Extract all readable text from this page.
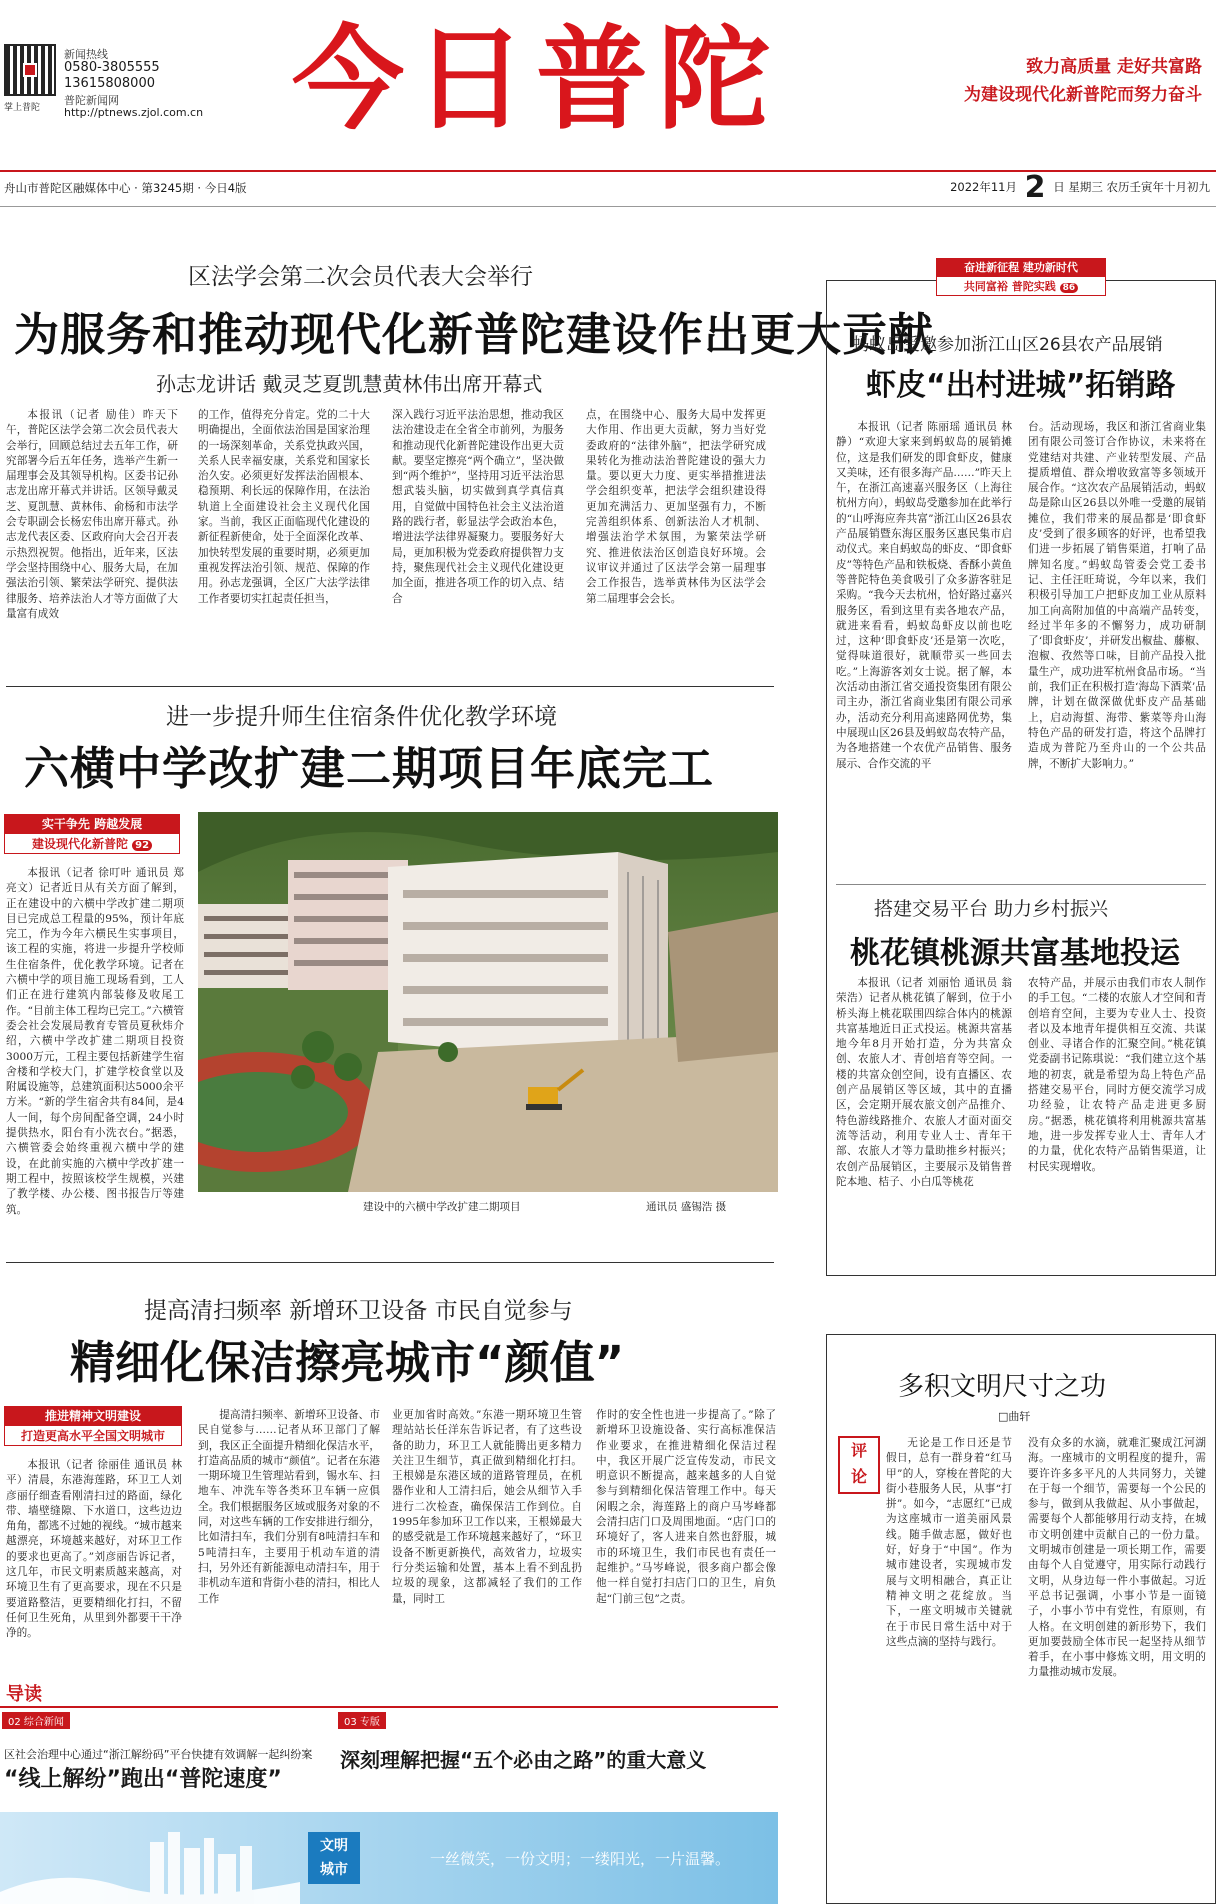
掌上普陀
新闻热线
0580-3805555
13615808000
普陀新闻网
http://ptnews.zjol.com.cn 今日普陀	致力高质量 走好共富路
为建设现代化新普陀而努力奋斗
舟山市普陀区融媒体中心 · 第3245期 · 今日4版	2022年11月 2 日 星期三 农历壬寅年十月初九
区法学会第二次会员代表大会举行
为服务和推动现代化新普陀建设作出更大贡献
孙志龙讲话 戴灵芝夏凯慧黄林伟出席开幕式

本报讯（记者 励佳）昨天下午，普陀区法学会第二次会员代表大会举行，回顾总结过去五年工作，研究部署今后五年任务，选举产生新一届理事会及其领导机构。区委书记孙志龙出席开幕式并讲话。区领导戴灵芝、夏凯慧、黄林伟、俞杨和市法学会专职副会长杨宏伟出席开幕式。孙志龙代表区委、区政府向大会召开表示热烈祝贺。他指出，近年来，区法学会坚持围绕中心、服务大局，在加强法治引领、繁荣法学研究、提供法律服务、培养法治人才等方面做了大量富有成效

的工作，值得充分肯定。党的二十大明确提出，全面依法治国是国家治理的一场深刻革命，关系党执政兴国，关系人民幸福安康，关系党和国家长治久安。必须更好发挥法治固根本、稳预期、利长远的保障作用，在法治轨道上全面建设社会主义现代化国家。当前，我区正面临现代化建设的新征程新使命，处于全面深化改革、加快转型发展的重要时期，必须更加重视发挥法治引领、规范、保障的作用。孙志龙强调，全区广大法学法律工作者要切实扛起责任担当，

深入践行习近平法治思想，推动我区法治建设走在全省全市前列，为服务和推动现代化新普陀建设作出更大贡献。要坚定擦亮“两个确立”，坚决做到“两个维护”，坚持用习近平法治思想武装头脑，切实做到真学真信真用，自觉做中国特色社会主义法治道路的践行者，彰显法学会政治本色，增进法学法律界凝聚力。要服务好大局，更加积极为党委政府提供智力支持，聚焦现代社会主义现代化建设更加全面，推进各项工作的切入点、结合

点，在围绕中心、服务大局中发挥更大作用、作出更大贡献，努力当好党委政府的“法律外脑”，把法学研究成果转化为推动法治普陀建设的强大力量。要以更大力度、更实举措推进法学会组织变革，把法学会组织建设得更加充满活力、更加坚强有力，不断完善组织体系、创新法治人才机制、增强法治学术氛围，为繁荣法学研究、推进依法治区创造良好环境。会议审议并通过了区法学会第一届理事会工作报告，选举黄林伟为区法学会第二届理事会会长。

进一步提升师生住宿条件优化教学环境
六横中学改扩建二期项目年底完工
实干争先 跨越发展
建设现代化新普陀 92

本报讯（记者 徐叮叶 通讯员 郑亮文）记者近日从有关方面了解到，正在建设中的六横中学改扩建二期项目已完成总工程量的95%，预计年底完工，作为今年六横民生实事项目，该工程的实施，将进一步提升学校师生住宿条件，优化教学环境。记者在六横中学的项目施工现场看到，工人们正在进行建筑内部装修及收尾工作。“目前主体工程均已完工。”六横管委会社会发展局教育专管员夏秋炜介绍，六横中学改扩建二期项目投资3000万元，工程主要包括新建学生宿舍楼和学校大门，扩建学校食堂以及附属设施等，总建筑面积达5000余平方米。“新的学生宿舍共有84间，是4人一间，每个房间配备空调，24小时提供热水，阳台有小洗衣台。”据悉，六横管委会始终重视六横中学的建设，在此前实施的六横中学改扩建一期工程中，按照该校学生规模，兴建了教学楼、办公楼、图书报告厅等建筑。	建设中的六横中学改扩建二期项目	通讯员 盛锡浩 摄
提高清扫频率 新增环卫设备 市民自觉参与
精细化保洁擦亮城市“颜值”
推进精神文明建设
打造更高水平全国文明城市

本报讯（记者 徐丽佳 通讯员 林平）清晨，东港海莲路，环卫工人刘彦丽仔细查看刚清扫过的路面，绿化带、墙壁缝隙、下水道口，这些边边角角，都逃不过她的视线。“城市越来越漂亮，环境越来越好，对环卫工作的要求也更高了。”刘彦丽告诉记者，这几年，市民文明素质越来越高，对环境卫生有了更高要求，现在不只是要道路整洁，更要精细化打扫，不留任何卫生死角，从里到外都要干干净净的。

提高清扫频率、新增环卫设备、市民自觉参与……记者从环卫部门了解到，我区正全面提升精细化保洁水平，打造高品质的城市“颜值”。记者在东港一期环境卫生管理站看到，锡水车、扫地车、冲洗车等各类环卫车辆一应俱全。我们根据服务区域或服务对象的不同，对这些车辆的工作安排进行细分，比如清扫车，我们分别有8吨清扫车和5吨清扫车，主要用于机动车道的清扫，另外还有新能源电动清扫车，用于非机动车道和背街小巷的清扫，相比人工作

业更加省时高效。”东港一期环境卫生管理站站长任洋东告诉记者，有了这些设备的助力，环卫工人就能腾出更多精力关注卫生细节，真正做到精细化打扫。王根娣是东港区域的道路管理员，在机器作业和人工清扫后，她会从细节入手进行二次检查，确保保洁工作到位。自1995年参加环卫工作以来，王根娣最大的感受就是工作环境越来越好了，“环卫设备不断更新换代，高效省力，垃圾实行分类运输和处置，基本上看不到乱扔垃圾的现象，这都减轻了我们的工作量，同时工

作时的安全性也进一步提高了。”除了新增环卫设施设备、实行高标准保洁作业要求，在推进精细化保洁过程中，我区开展广泛宣传发动，市民文明意识不断提高，越来越多的人自觉参与到精细化保洁管理工作中。每天闲暇之余，海莲路上的商户马岑峰都会清扫店门口及周围地面。“店门口的环境好了，客人进来自然也舒服，城市的环境卫生，我们市民也有责任一起维护。”马岑峰说，很多商户都会像他一样自觉打扫店门口的卫生，肩负起“门前三包”之责。

导读
02 综合新闻
区社会治理中心通过“浙江解纷码”平台快捷有效调解一起纠纷案
“线上解纷”跑出“普陀速度”
03 专版
深刻理解把握“五个必由之路”的重大意义
文明
城市
一丝微笑，一份文明；一缕阳光，一片温馨。
奋进新征程 建功新时代
共同富裕 普陀实践 86
蚂蚁岛受邀参加浙江山区26县农产品展销
虾皮“出村进城”拓销路

本报讯（记者 陈丽瑶 通讯员 林静）“欢迎大家来到蚂蚁岛的展销摊位，这是我们研发的即食虾皮，健康又美味，还有很多海产品……”昨天上午，在浙江高速嘉兴服务区（上海往杭州方向），蚂蚁岛受邀参加在此举行的“山呼海应奔共富”浙江山区26县农产品展销暨东海区服务区惠民集市启动仪式。来自蚂蚁岛的虾皮、“即食虾皮”等特色产品和铁板烧、香酥小黄鱼等普陀特色美食吸引了众多游客驻足采购。“我今天去杭州，恰好路过嘉兴服务区，看到这里有卖各地农产品，就进来看看，蚂蚁岛虾皮以前也吃过，这种‘即食虾皮’还是第一次吃，觉得味道很好，就顺带买一些回去吃。”上海游客刘女士说。据了解，本次活动由浙江省交通投资集团有限公司主办，浙江省商业集团有限公司承办，活动充分利用高速路网优势，集中展现山区26县及蚂蚁岛农特产品，为各地搭建一个农优产品销售、服务展示、合作交流的平

台。活动现场，我区和浙江省商业集团有限公司签订合作协议，未来将在党建结对共建、产业转型发展、产品提质增值、群众增收致富等多领域开展合作。“这次农产品展销活动，蚂蚁岛是除山区26县以外唯一受邀的展销摊位，我们带来的展品都是‘即食虾皮’受到了很多顾客的好评，也希望我们进一步拓展了销售渠道，打响了品牌知名度。”蚂蚁岛管委会党工委书记、主任汪旺琦说，今年以来，我们积极引导加工户把虾皮加工业从原料加工向高附加值的中高端产品转变，经过半年多的不懈努力，成功研制了‘即食虾皮’，并研发出椒盐、藤椒、泡椒、孜然等口味，目前产品投入批量生产，成功进军杭州食品市场。“当前，我们正在积极打造‘海岛下酒菜’品牌，计划在做深做优虾皮产品基础上，启动海蜇、海带、紫菜等舟山海特色产品的研发打造，将这个品牌打造成为普陀乃至舟山的一个公共品牌，不断扩大影响力。”

搭建交易平台 助力乡村振兴
桃花镇桃源共富基地投运

本报讯（记者 刘丽怡 通讯员 翁荣浩）记者从桃花镇了解到，位于小桥头海上桃花联围四综合体内的桃源共富基地近日正式投运。桃源共富基地今年8月开始打造，分为共富众创、农旅人才、青创培育等空间。一楼的共富众创空间，设有直播区、农创产品展销区等区域，其中的直播区，会定期开展农旅文创产品推介、特色游线路推介、农旅人才面对面交流等活动，利用专业人士、青年干部、农旅人才等力量助推乡村振兴；农创产品展销区，主要展示及销售普陀本地、桔子、小白瓜等桃花

农特产品，并展示由我们市农人制作的手工包。“二楼的农旅人才空间和青创培育空间，主要为专业人士、投资者以及本地青年提供相互交流、共谋创业、寻诸合作的汇聚空间。”桃花镇党委副书记陈琪说：“我们建立这个基地的初衷，就是希望为岛上特色产品搭建交易平台，同时方便交流学习成功经验，让农特产品走进更多厨房。”据悉，桃花镇将利用桃源共富基地，进一步发挥专业人士、青年人才的力量，优化农特产品销售渠道，让村民实现增收。

多积文明尺寸之功
□曲轩
评
论

无论是工作日还是节假日，总有一群身着“红马甲”的人，穿梭在普陀的大街小巷服务人民，从事“打拼”。如今，“志愿红”已成为这座城市一道美丽风景线。随手做志愿，做好也好，好身于“中国”。作为城市建设者，实现城市发展与文明相融合，真正让精神文明之花绽放。当下，一座文明城市关键就在于市民日常生活中对于这些点滴的坚持与践行。

没有众多的水滴，就难汇聚成江河湖海。一座城市的文明程度的提升，需要许许多多平凡的人共同努力，关键在于每一个细节，需要每一个公民的参与，做到从我做起、从小事做起，需要每个人都能够用行动支持，在城市文明创建中贡献自己的一份力量。文明城市创建是一项长期工作，需要由每个人自觉遵守，用实际行动践行文明，从身边每一件小事做起。习近平总书记强调，小事小节是一面镜子，小事小节中有党性，有原则，有人格。在文明创建的新形势下，我们更加要鼓励全体市民一起坚持从细节着手，在小事中修炼文明，用文明的力量推动城市发展。
